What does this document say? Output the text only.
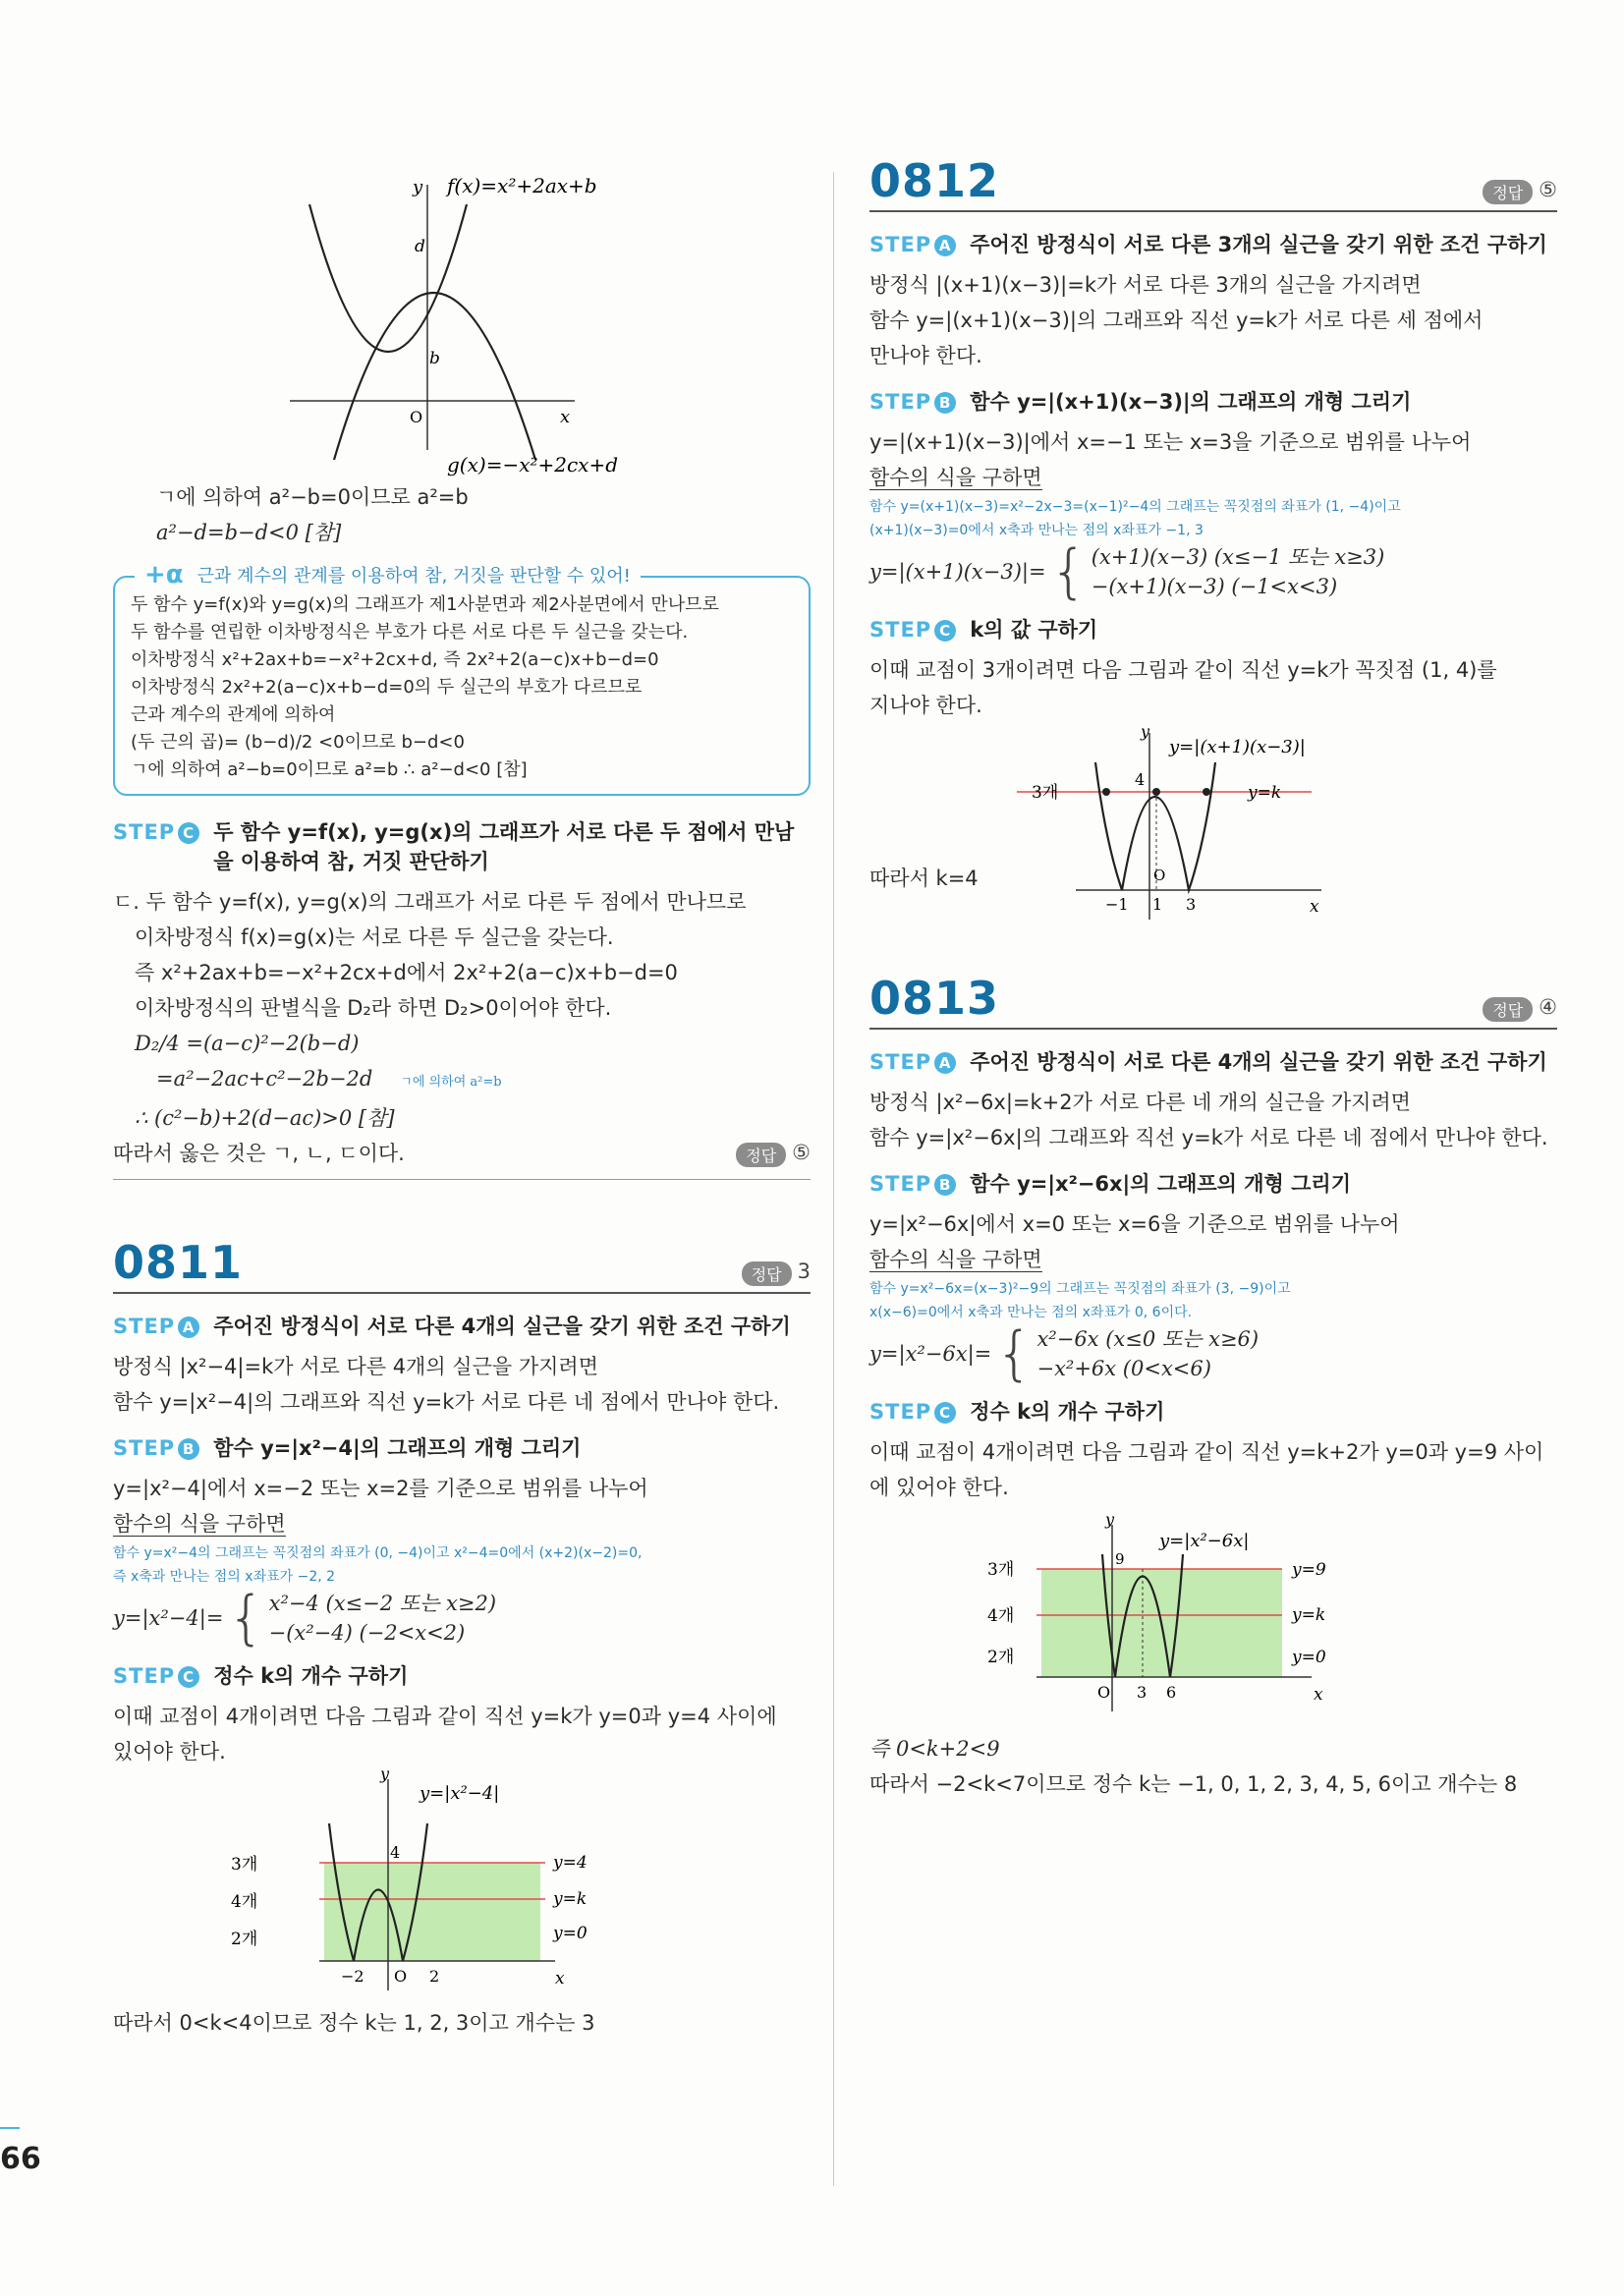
66
y f(x)=x²+2ax+b
x
O
d
b
g(x)=−x²+2cx+d

ㄱ에 의하여 a²−b=0이므로 a²=b

a²−d=b−d<0 [참]

+α 근과 계수의 관계를 이용하여 참, 거짓을 판단할 수 있어!
두 함수 y=f(x)와 y=g(x)의 그래프가 제1사분면과 제2사분면에서 만나므로
두 함수를 연립한 이차방정식은 부호가 다른 서로 다른 두 실근을 갖는다.
이차방정식 x²+2ax+b=−x²+2cx+d, 즉 2x²+2(a−c)x+b−d=0
이차방정식 2x²+2(a−c)x+b−d=0의 두 실근의 부호가 다르므로
근과 계수의 관계에 의하여
(두 근의 곱)= (b−d)/2 <0이므로 b−d<0
ㄱ에 의하여 a²−b=0이므로 a²=b ∴ a²−d<0 [참]
STEP C 두 함수 y=f(x), y=g(x)의 그래프가 서로 다른 두 점에서 만남을 이용하여 참, 거짓 판단하기

ㄷ. 두 함수 y=f(x), y=g(x)의 그래프가 서로 다른 두 점에서 만나므로

이차방정식 f(x)=g(x)는 서로 다른 두 실근을 갖는다.

즉 x²+2ax+b=−x²+2cx+d에서 2x²+2(a−c)x+b−d=0

이차방정식의 판별식을 D₂라 하면 D₂>0이어야 한다.

D₂/4 =(a−c)²−2(b−d)

=a²−2ac+c²−2b−2d ㄱ에 의하여 a²=b

∴ (c²−b)+2(d−ac)>0 [참]

따라서 옳은 것은 ㄱ, ㄴ, ㄷ이다.	정답 ⑤
0811	정답 3
STEP A 주어진 방정식이 서로 다른 4개의 실근을 갖기 위한 조건 구하기

방정식 |x²−4|=k가 서로 다른 4개의 실근을 가지려면

함수 y=|x²−4|의 그래프와 직선 y=k가 서로 다른 네 점에서 만나야 한다.

STEP B 함수 y=|x²−4|의 그래프의 개형 그리기

y=|x²−4|에서 x=−2 또는 x=2를 기준으로 범위를 나누어

함수의 식을 구하면

함수 y=x²−4의 그래프는 꼭짓점의 좌표가 (0, −4)이고 x²−4=0에서 (x+2)(x−2)=0,
즉 x축과 만나는 점의 x좌표가 −2, 2
y=|x²−4|= { x²−4 (x≤−2 또는 x≥2)
−(x²−4) (−2<x<2)
STEP C 정수 k의 개수 구하기

이때 교점이 4개이려면 다음 그림과 같이 직선 y=k가 y=0과 y=4 사이에

있어야 한다.

y
y=|x²−4|
3개
4개
2개
4
y=4
y=k
y=0
−2 O 2	x

따라서 0<k<4이므로 정수 k는 1, 2, 3이고 개수는 3

0812	정답 ⑤
STEP A 주어진 방정식이 서로 다른 3개의 실근을 갖기 위한 조건 구하기

방정식 |(x+1)(x−3)|=k가 서로 다른 3개의 실근을 가지려면

함수 y=|(x+1)(x−3)|의 그래프와 직선 y=k가 서로 다른 세 점에서

만나야 한다.

STEP B 함수 y=|(x+1)(x−3)|의 그래프의 개형 그리기

y=|(x+1)(x−3)|에서 x=−1 또는 x=3을 기준으로 범위를 나누어

함수의 식을 구하면

함수 y=(x+1)(x−3)=x²−2x−3=(x−1)²−4의 그래프는 꼭짓점의 좌표가 (1, −4)이고
(x+1)(x−3)=0에서 x축과 만나는 점의 x좌표가 −1, 3
y=|(x+1)(x−3)|= { (x+1)(x−3) (x≤−1 또는 x≥3)
−(x+1)(x−3) (−1<x<3)
STEP C k의 값 구하기

이때 교점이 3개이려면 다음 그림과 같이 직선 y=k가 꼭짓점 (1, 4)를

지나야 한다.

y
y=|(x+1)(x−3)|
3개
4
y=k
O
−1 1 3	x

따라서 k=4

0813	정답 ④
STEP A 주어진 방정식이 서로 다른 4개의 실근을 갖기 위한 조건 구하기

방정식 |x²−6x|=k+2가 서로 다른 네 개의 실근을 가지려면

함수 y=|x²−6x|의 그래프와 직선 y=k가 서로 다른 네 점에서 만나야 한다.

STEP B 함수 y=|x²−6x|의 그래프의 개형 그리기

y=|x²−6x|에서 x=0 또는 x=6을 기준으로 범위를 나누어

함수의 식을 구하면

함수 y=x²−6x=(x−3)²−9의 그래프는 꼭짓점의 좌표가 (3, −9)이고
x(x−6)=0에서 x축과 만나는 점의 x좌표가 0, 6이다.
y=|x²−6x|= { x²−6x (x≤0 또는 x≥6)
−x²+6x (0<x<6)
STEP C 정수 k의 개수 구하기

이때 교점이 4개이려면 다음 그림과 같이 직선 y=k+2가 y=0과 y=9 사이

에 있어야 한다.

y
y=|x²−6x|
3개
4개
2개
9
y=9
y=k
y=0
O 3 6	x

즉 0<k+2<9

따라서 −2<k<7이므로 정수 k는 −1, 0, 1, 2, 3, 4, 5, 6이고 개수는 8
